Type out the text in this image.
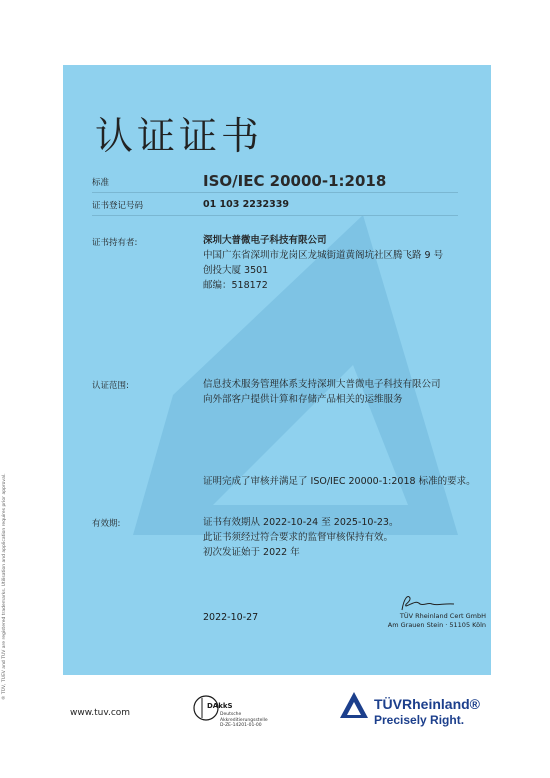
认证证书
标准	ISO/IEC 20000-1:2018
证书登记号码	01 103 2232339
证书持有者:	深圳大普微电子科技有限公司
中国广东省深圳市龙岗区龙城街道黄阁坑社区腾飞路 9 号
创投大厦 3501
邮编：518172
认证范围:	信息技术服务管理体系支持深圳大普微电子科技有限公司
向外部客户提供计算和存储产品相关的运维服务
证明完成了审核并满足了 ISO/IEC 20000-1:2018 标准的要求。
有效期:	证书有效期从 2022-10-24 至 2025-10-23。
此证书须经过符合要求的监督审核保持有效。
初次发证始于 2022 年
2022-10-27	TÜV Rheinland Cert GmbH
Am Grauen Stein · 51105 Köln
® TÜV, TUEV and TUV are registered trademarks. Utilisation and application requires prior approval.
www.tuv.com
DAkkS
Deutsche
Akkreditierungsstelle
D-ZE-14201-01-00
TÜVRheinland®
Precisely Right.
